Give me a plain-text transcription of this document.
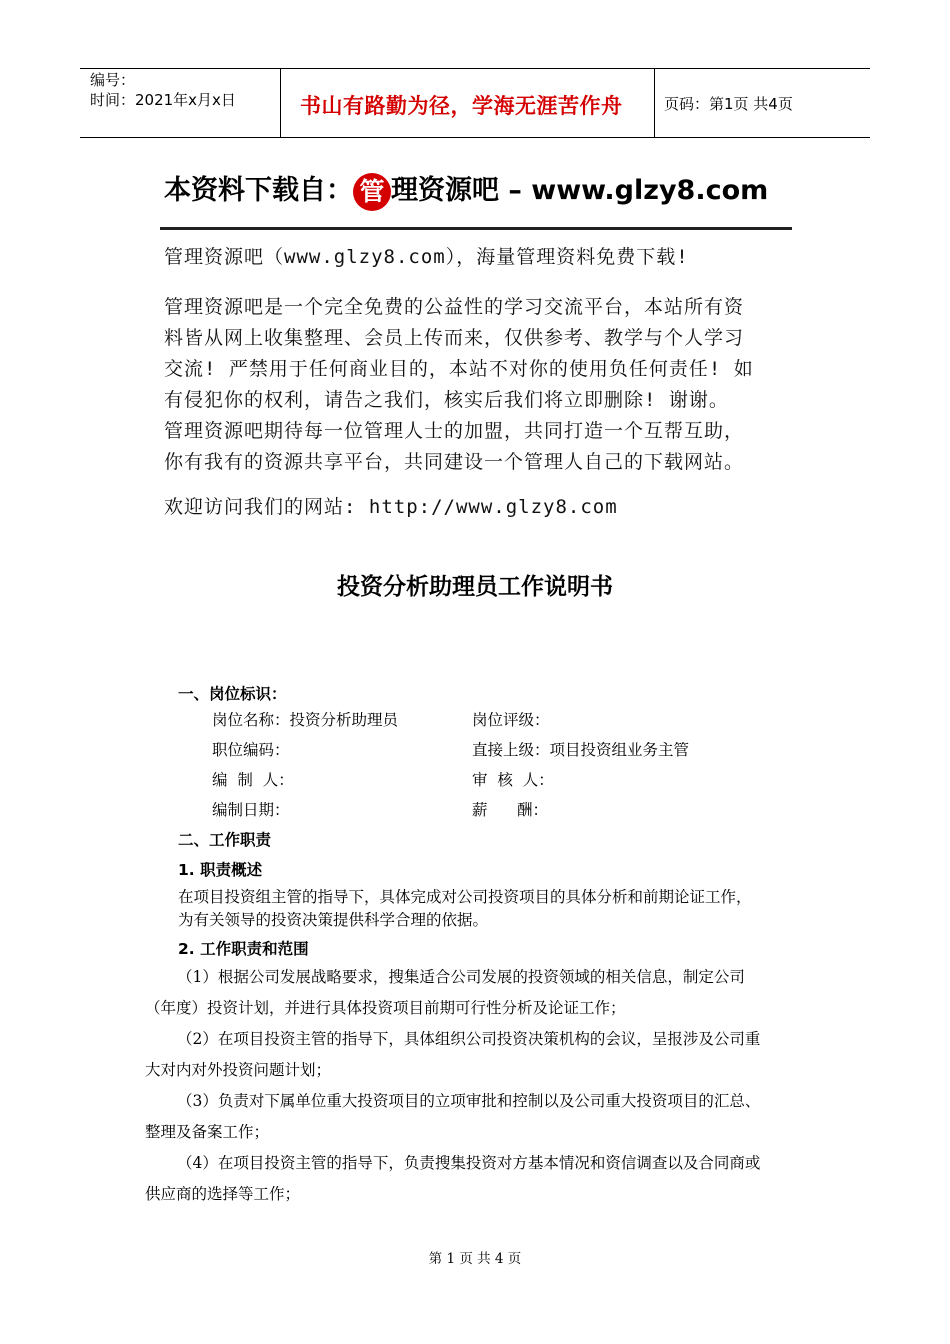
编号：
时间：2021年x月x日	书山有路勤为径，学海无涯苦作舟	页码：第1页 共4页
本资料下载自： 管 理资源吧 – www.glzy8.com
管理资源吧（www.glzy8.com），海量管理资料免费下载!
管理资源吧是一个完全免费的公益性的学习交流平台，本站所有资
料皆从网上收集整理、会员上传而来，仅供参考、教学与个人学习
交流! 严禁用于任何商业目的，本站不对你的使用负任何责任! 如
有侵犯你的权利，请告之我们，核实后我们将立即删除! 谢谢。
管理资源吧期待每一位管理人士的加盟，共同打造一个互帮互助，
你有我有的资源共享平台，共同建设一个管理人自己的下载网站。
欢迎访问我们的网站: http://www.glzy8.com
投资分析助理员工作说明书
一、岗位标识：
岗位名称：投资分析助理员
职位编码：
编  制  人：
编制日期：
岗位评级：
直接上级：项目投资组业务主管
审  核  人：
薪      酬：
二、工作职责
1. 职责概述
在项目投资组主管的指导下，具体完成对公司投资项目的具体分析和前期论证工作，
为有关领导的投资决策提供科学合理的依据。
2. 工作职责和范围
（1）根据公司发展战略要求，搜集适合公司发展的投资领域的相关信息，制定公司
（年度）投资计划，并进行具体投资项目前期可行性分析及论证工作；
（2）在项目投资主管的指导下，具体组织公司投资决策机构的会议，呈报涉及公司重
大对内对外投资问题计划；
（3）负责对下属单位重大投资项目的立项审批和控制以及公司重大投资项目的汇总、
整理及备案工作；
（4）在项目投资主管的指导下，负责搜集投资对方基本情况和资信调查以及合同商或
供应商的选择等工作；
第 1 页 共 4 页
